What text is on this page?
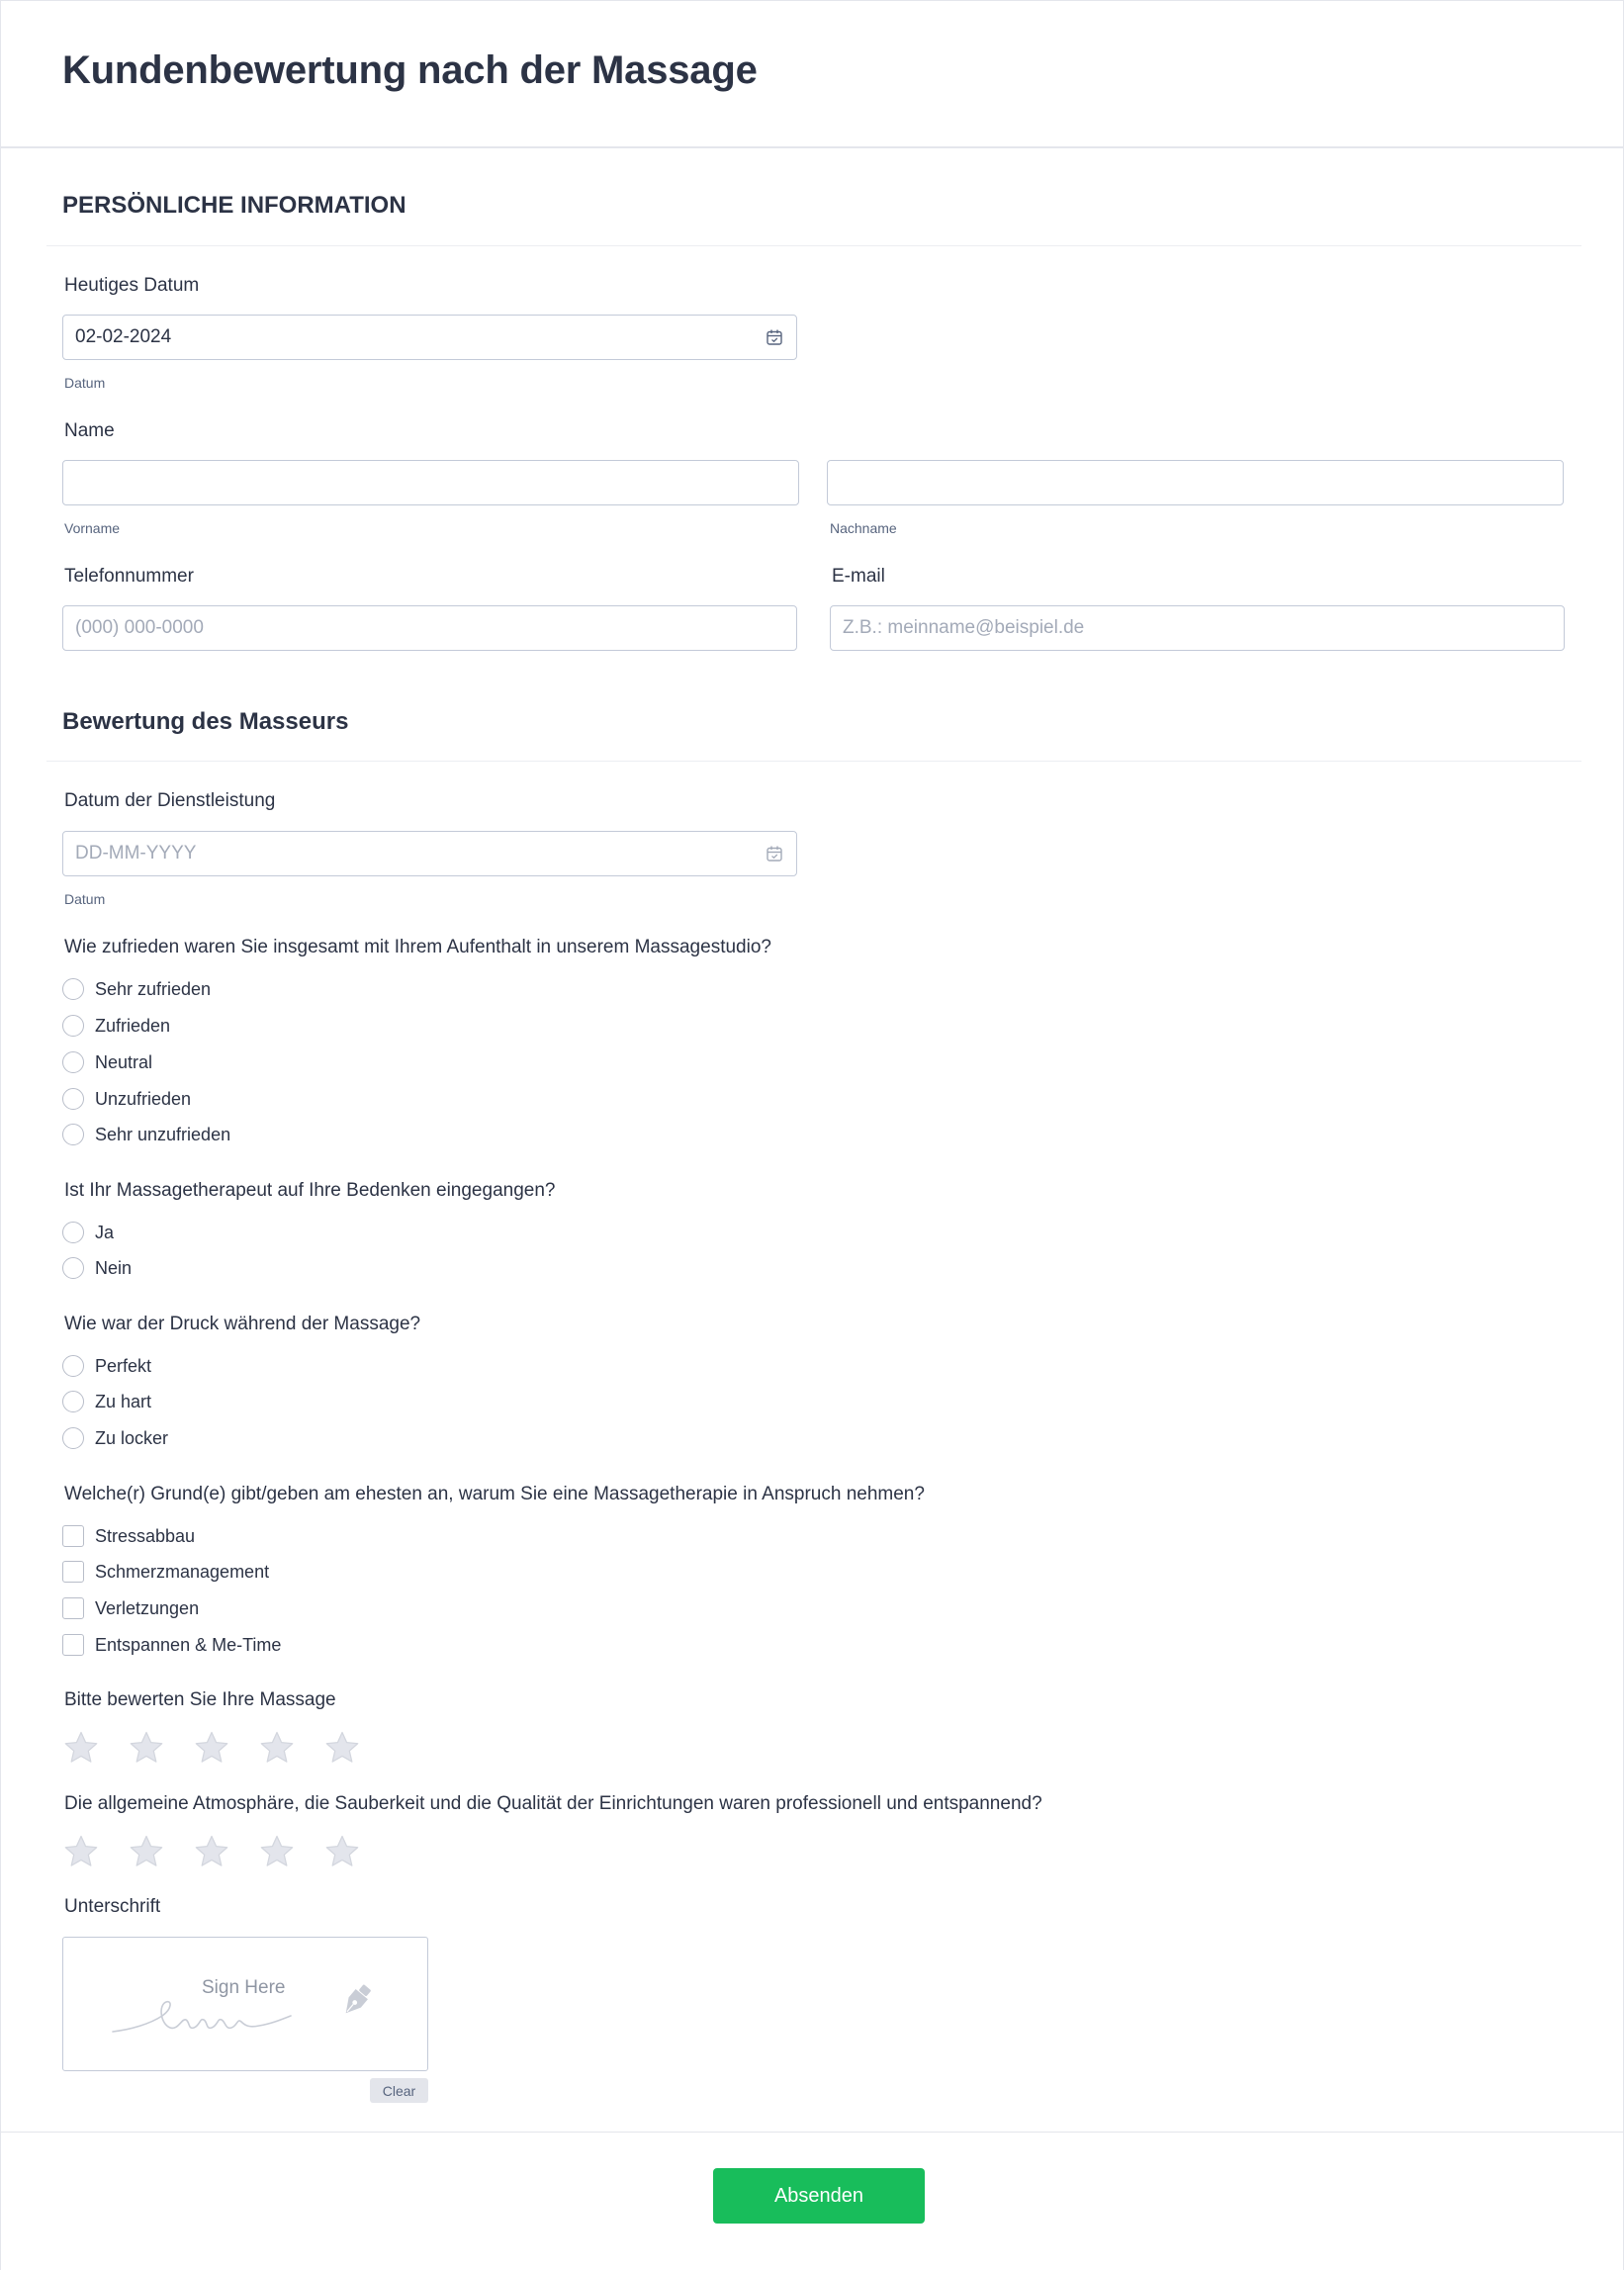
Kundenbewertung nach der Massage
PERSÖNLICHE INFORMATION

Heutiges Datum

02-02-2024

Datum

Name

Vorname	Nachname

Telefonnummer

(000) 000-0000	E-mail

Z.B.: meinname@beispiel.de
Bewertung des Masseurs

Datum der Dienstleistung

DD-MM-YYYY

Datum

Wie zufrieden waren Sie insgesamt mit Ihrem Aufenthalt in unserem Massagestudio?

Sehr zufrieden
Zufrieden
Neutral
Unzufrieden
Sehr unzufrieden

Ist Ihr Massagetherapeut auf Ihre Bedenken eingegangen?

Ja
Nein

Wie war der Druck während der Massage?

Perfekt
Zu hart
Zu locker

Welche(r) Grund(e) gibt/geben am ehesten an, warum Sie eine Massagetherapie in Anspruch nehmen?

Stressabbau
Schmerzmanagement
Verletzungen
Entspannen & Me-Time

Bitte bewerten Sie Ihre Massage

Die allgemeine Atmosphäre, die Sauberkeit und die Qualität der Einrichtungen waren professionell und entspannend?

Unterschrift

Sign Here
Clear
Absenden
